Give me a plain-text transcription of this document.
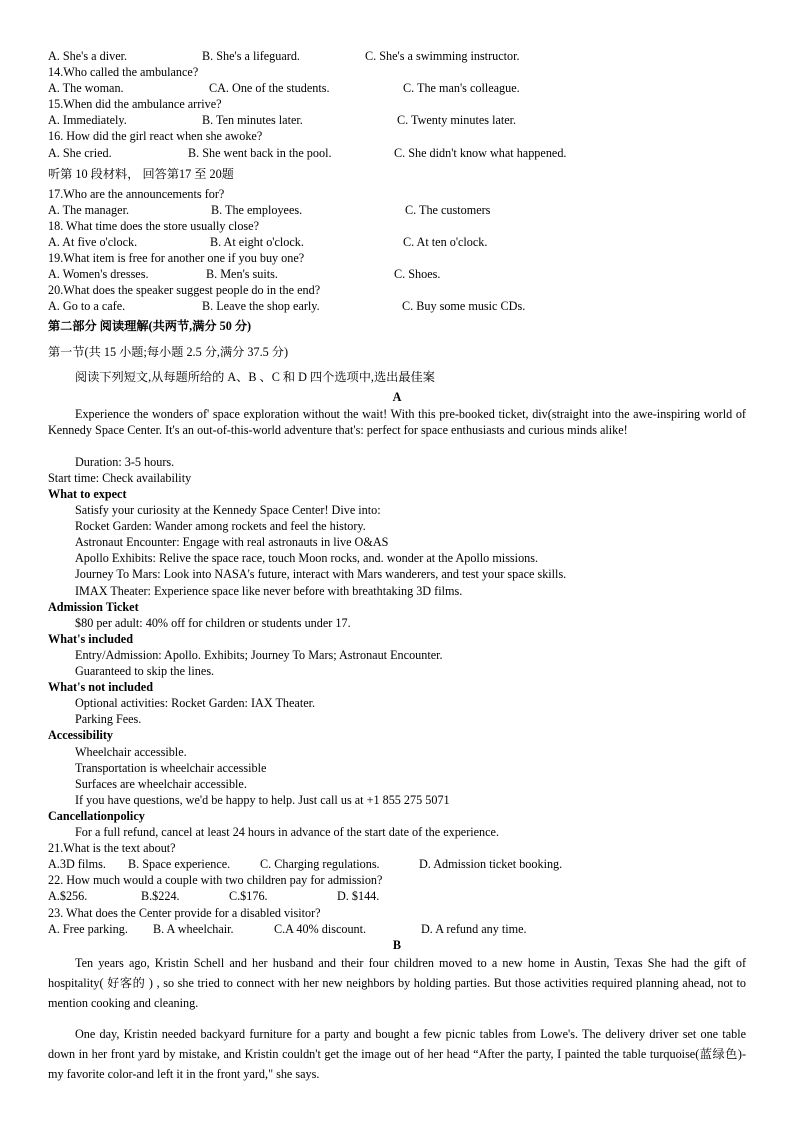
A. She's a diver.	B. She's a lifeguard.	C. She's a swimming instructor.
14.Who called the ambulance?
A. The woman.	CA. One of the students.	C. The man's colleague.
15.When did the ambulance arrive?
A. Immediately.	B. Ten minutes later.	C. Twenty minutes later.
16. How did the girl react when she awoke?
A. She cried.	B. She went back in the pool.	C. She didn't know what happened.
听第 10 段材料， 回答第17 至 20题
17.Who are the announcements for?
A. The manager.	B. The employees.	C. The customers
18. What time does the store usually close?
A. At five o'clock.	B. At eight o'clock.	C. At ten o'clock.
19.What item is free for another one if you buy one?
A. Women's dresses.	B. Men's suits.	C. Shoes.
20.What does the speaker suggest people do in the end?
A. Go to a cafe.	B. Leave the shop early.	C. Buy some music CDs.
第二部分 阅读理解(共两节,满分 50 分)
第一节(共 15 小题;每小题 2.5 分,满分 37.5 分)
阅读下列短文,从每题所给的 A、B 、C 和 D 四个选项中,选出最佳案
A
Experience the wonders of' space exploration without the wait! With this pre-booked ticket, div(straight into the awe-inspiring world of Kennedy Space Center. It's an out-of-this-world adventure that's: perfect for space enthusiasts and curious minds alike!
Duration: 3-5 hours.
Start time: Check availability
What to expect
Satisfy your curiosity at the Kennedy Space Center! Dive into:
Rocket Garden: Wander among rockets and feel the history.
Astronaut Encounter: Engage with real astronauts in live O&AS
Apollo Exhibits: Relive the space race, touch Moon rocks, and. wonder at the Apollo missions.
Journey To Mars: Look into NASA's future, interact with Mars wanderers, and test your space skills.
IMAX Theater: Experience space like never before with breathtaking 3D films.
Admission Ticket
$80 per adult: 40% off for children or students under 17.
What's included
Entry/Admission: Apollo. Exhibits; Journey To Mars; Astronaut Encounter.
Guaranteed to skip the lines.
What's not included
Optional activities: Rocket Garden: IAX Theater.
Parking Fees.
Accessibility
Wheelchair accessible.
Transportation is wheelchair accessible
Surfaces are wheelchair accessible.
If you have questions, we'd be happy to help. Just call us at +1 855 275 5071
Cancellationpolicy
For a full refund, cancel at least 24 hours in advance of the start date of the experience.
21.What is the text about?
A.3D films. B. Space experience. C. Charging regulations.	D. Admission ticket booking.
22. How much would a couple with two children pay for admission?
A.$256.	B.$224.	C.$176.	D. $144.
23. What does the Center provide for a disabled visitor?
A. Free parking. B. A wheelchair.	C.A 40% discount.	D. A refund any time.
B
Ten years ago, Kristin Schell and her husband and their four children moved to a new home in Austin, Texas She had the gift of hospitality( 好客的 ) , so she tried to connect with her new neighbors by holding parties. But those activities required planning ahead, not to mention cooking and cleaning.
One day, Kristin needed backyard furniture for a party and bought a few picnic tables from Lowe's. The delivery driver set one table down in her front yard by mistake, and Kristin couldn't get the image out of her head “After the party, I painted the table turquoise(蓝绿色)-my favorite color-and left it in the front yard," she says.
